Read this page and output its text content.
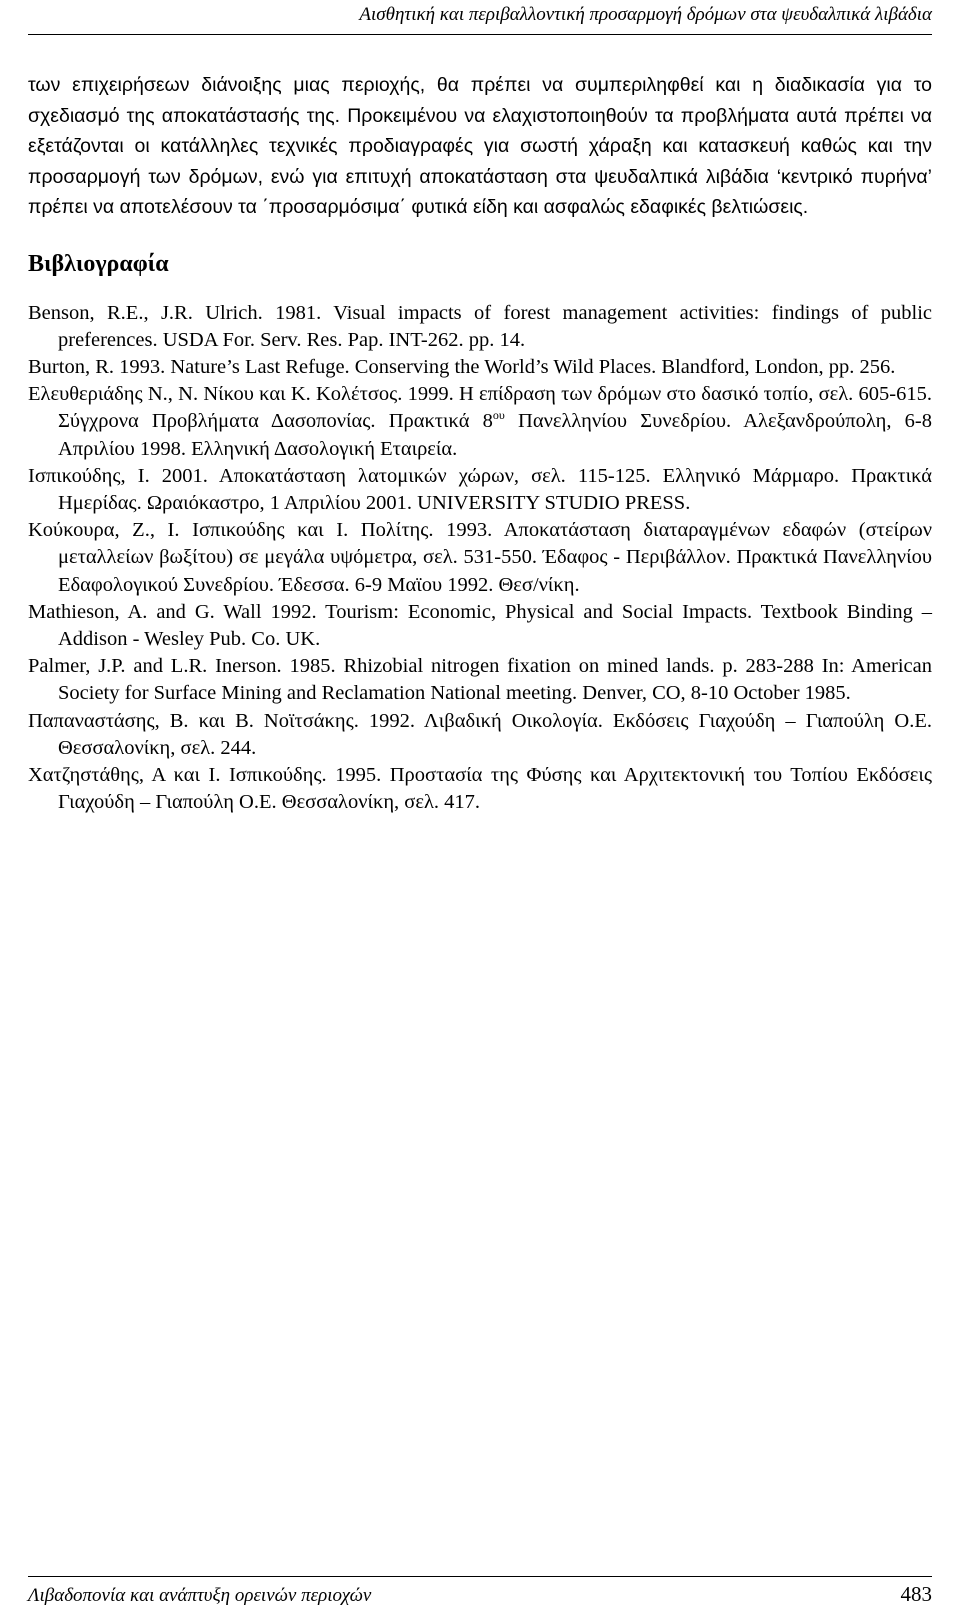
Αισθητική και περιβαλλοντική προσαρμογή δρόμων στα ψευδαλπικά λιβάδια

των επιχειρήσεων διάνοιξης μιας περιοχής, θα πρέπει να συμπεριληφθεί και η διαδικασία για το σχεδιασμό της αποκατάστασής της. Προκειμένου να ελαχιστοποιηθούν τα προβλήματα αυτά πρέπει να εξετάζονται οι κατάλληλες τεχνικές προδιαγραφές για σωστή χάραξη και κατασκευή καθώς και την προσαρμογή των δρόμων, ενώ για επιτυχή αποκατάσταση στα ψευδαλπικά λιβάδια ‘κεντρικό πυρήνα’ πρέπει να αποτελέσουν τα ΄προσαρμόσιμα΄ φυτικά είδη και ασφαλώς εδαφικές βελτιώσεις.

Βιβλιογραφία

Benson, R.E., J.R. Ulrich. 1981. Visual impacts of forest management activities: findings of public preferences. USDA For. Serv. Res. Pap. INT-262. pp. 14.

Burton, R. 1993. Nature’s Last Refuge. Conserving the World’s Wild Places. Blandford, London, pp. 256.

Ελευθεριάδης Ν., Ν. Νίκου και Κ. Κολέτσος. 1999. Η επίδραση των δρόμων στο δασικό τοπίο, σελ. 605-615. Σύγχρονα Προβλήματα Δασοπονίας. Πρακτικά $8^{o\upsilon}$ Πανελληνίου Συνεδρίου. Αλεξανδρούπολη, 6-8 Απριλίου 1998. Ελληνική Δασολογική Εταιρεία.

Ισπικούδης, Ι. 2001. Αποκατάσταση λατομικών χώρων, σελ. 115-125. Ελληνικό Μάρμαρο. Πρακτικά Ημερίδας. Ωραιόκαστρο, 1 Απριλίου 2001. UNIVERSITY STUDIO PRESS.

Κούκουρα, Ζ., Ι. Ισπικούδης και Ι. Πολίτης. 1993. Αποκατάσταση διαταραγμένων εδαφών (στείρων μεταλλείων βωξίτου) σε μεγάλα υψόμετρα, σελ. 531-550. Έδαφος - Περιβάλλον. Πρακτικά Πανελληνίου Εδαφολογικού Συνεδρίου. Έδεσσα. 6-9 Μαϊου 1992. Θεσ/νίκη.

Mathieson, A. and G. Wall 1992. Tourism: Economic, Physical and Social Impacts. Textbook Binding – Addison - Wesley Pub. Co. UK.

Palmer, J.P. and L.R. Inerson. 1985. Rhizobial nitrogen fixation on mined lands. p. 283-288 In: American Society for Surface Mining and Reclamation National meeting. Denver, CO, 8-10 October 1985.

Παπαναστάσης, Β. και Β. Νοϊτσάκης. 1992. Λιβαδική Οικολογία. Εκδόσεις Γιαχούδη – Γιαπούλη Ο.Ε. Θεσσαλονίκη, σελ. 244.

Χατζηστάθης, Α και Ι. Ισπικούδης. 1995. Προστασία της Φύσης και Αρχιτεκτονική του Τοπίου Εκδόσεις Γιαχούδη – Γιαπούλη Ο.Ε. Θεσσαλονίκη, σελ. 417.

Λιβαδοπονία και ανάπτυξη ορεινών περιοχών	483
